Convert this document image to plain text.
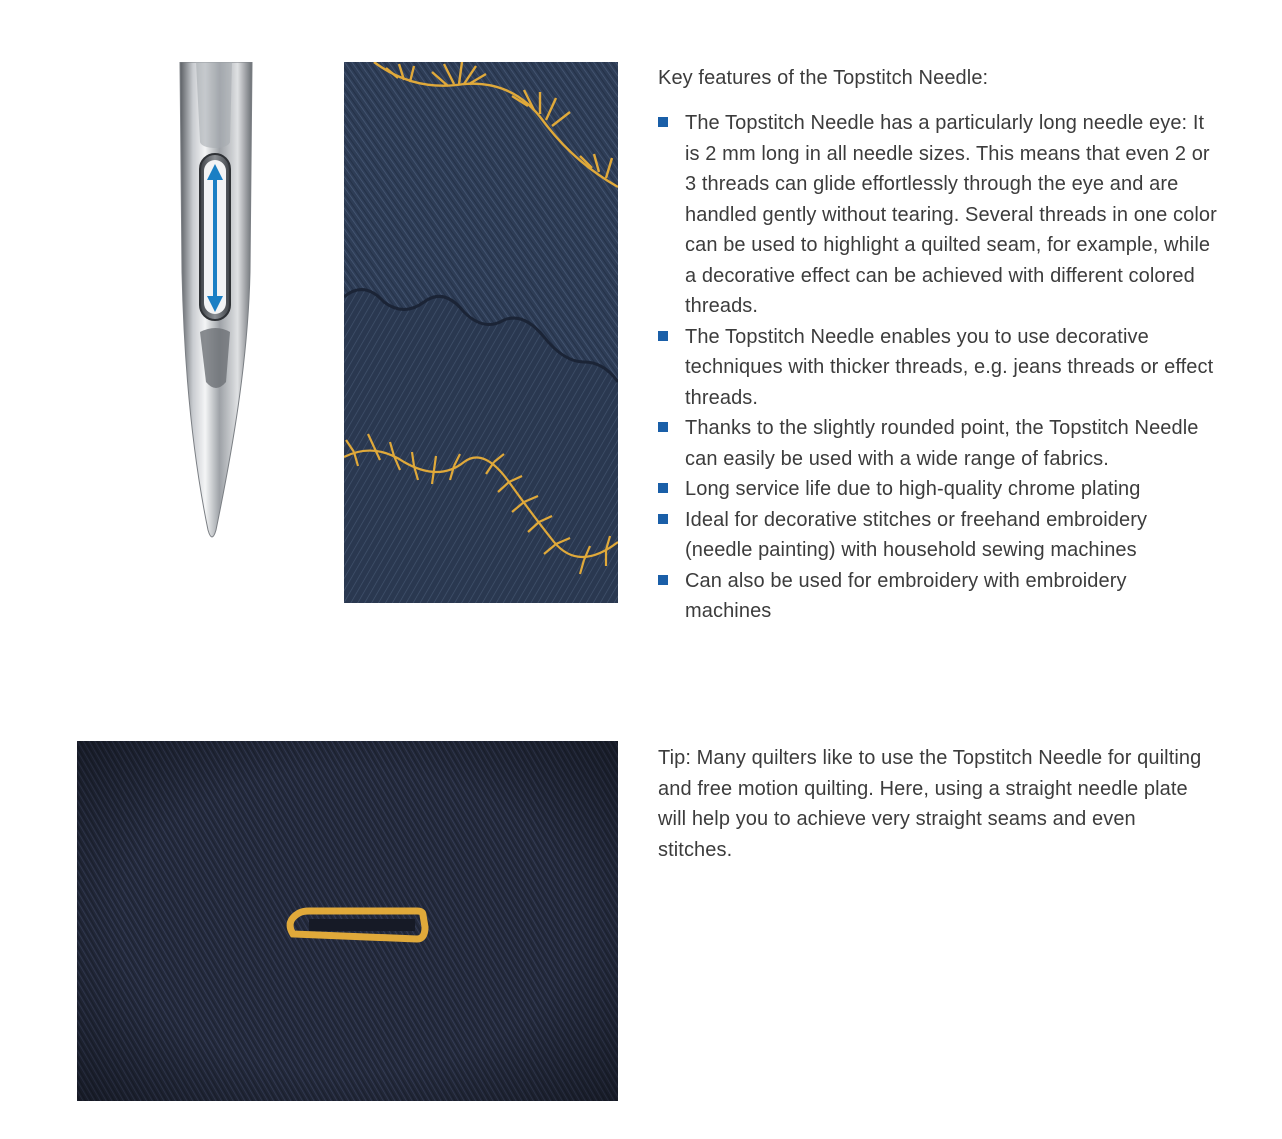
Key features of the Topstitch Needle:
The Topstitch Needle has a particularly long needle eye: It is 2 mm long in all needle sizes. This means that even 2 or 3 threads can glide effortlessly through the eye and are handled gently without tearing. Several threads in one color can be used to highlight a quilted seam, for example, while a decorative effect can be achieved with different colored threads.
The Topstitch Needle enables you to use decorative techniques with thicker threads, e.g. jeans threads or effect threads.
Thanks to the slightly rounded point, the Topstitch Needle can easily be used with a wide range of fabrics.
Long service life due to high-quality chrome plating
Ideal for decorative stitches or freehand embroidery (needle painting) with household sewing machines
Can also be used for embroidery with embroidery machines

Tip: Many quilters like to use the Topstitch Needle for quilting and free motion quilting. Here, using a straight needle plate will help you to achieve very straight seams and even stitches.
